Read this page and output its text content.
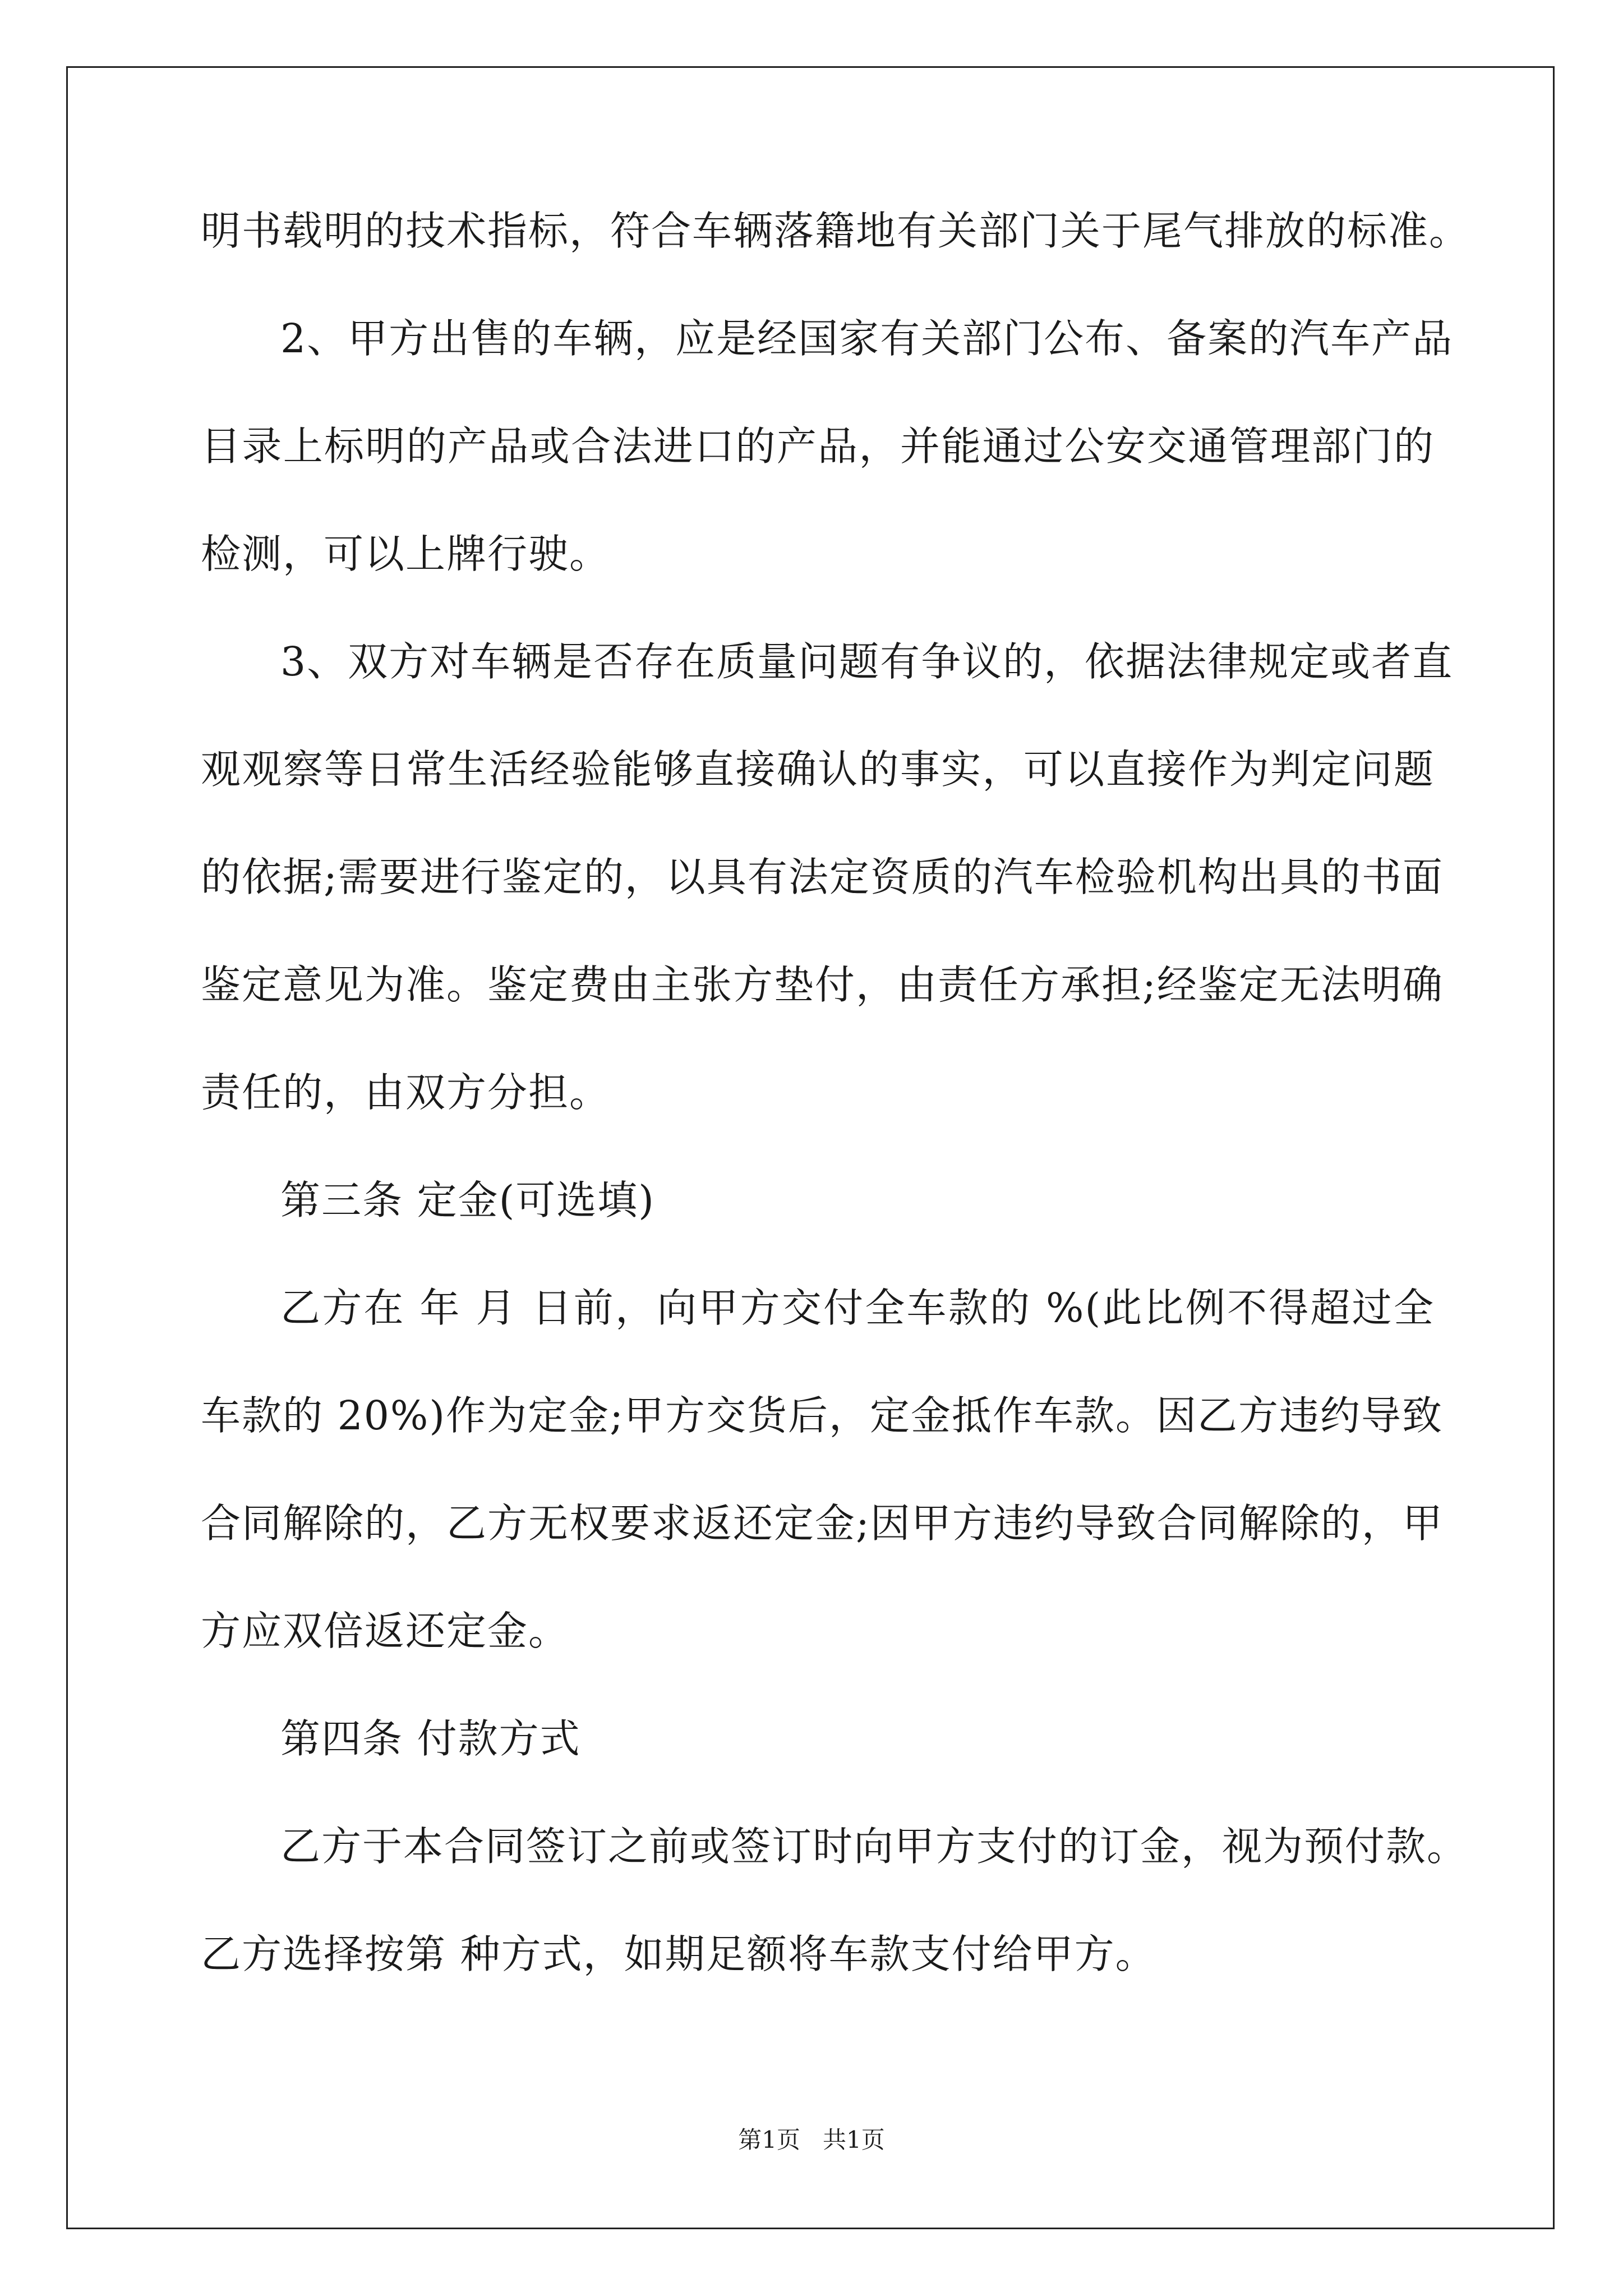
明书载明的技术指标，符合车辆落籍地有关部门关于尾气排放的标准。
2、甲方出售的车辆，应是经国家有关部门公布、备案的汽车产品
目录上标明的产品或合法进口的产品，并能通过公安交通管理部门的
检测，可以上牌行驶。
3、双方对车辆是否存在质量问题有争议的，依据法律规定或者直
观观察等日常生活经验能够直接确认的事实，可以直接作为判定问题
的依据;需要进行鉴定的，以具有法定资质的汽车检验机构出具的书面
鉴定意见为准。鉴定费由主张方垫付，由责任方承担;经鉴定无法明确
责任的，由双方分担。
第三条 定金(可选填)
乙方在 年 月 日前，向甲方交付全车款的 %(此比例不得超过全
车款的 20%)作为定金;甲方交货后，定金抵作车款。因乙方违约导致
合同解除的，乙方无权要求返还定金;因甲方违约导致合同解除的，甲
方应双倍返还定金。
第四条 付款方式
乙方于本合同签订之前或签订时向甲方支付的订金，视为预付款。
乙方选择按第 种方式，如期足额将车款支付给甲方。
第1页   共1页
